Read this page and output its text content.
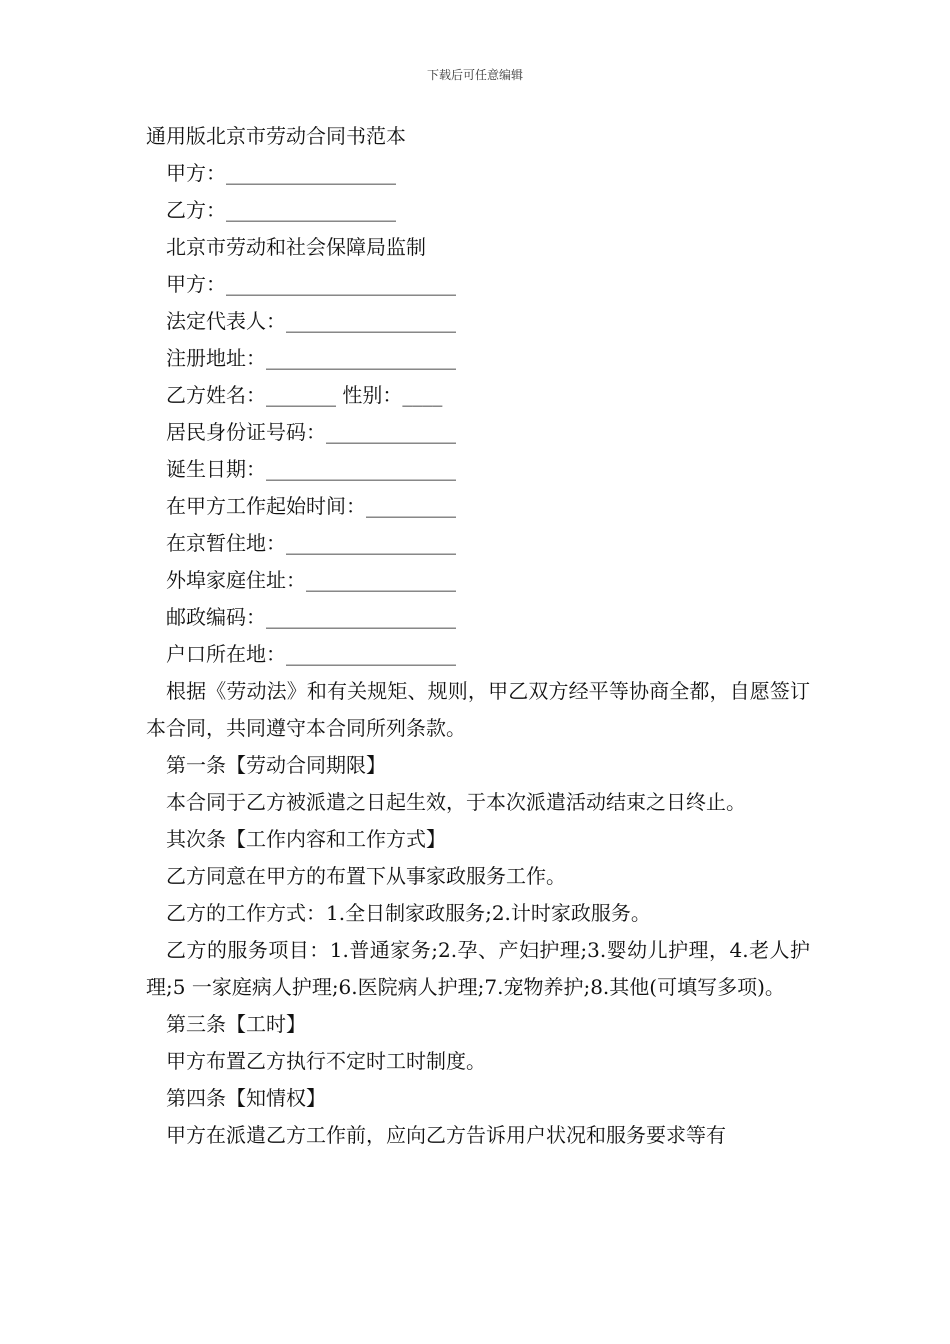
下载后可任意编辑
通用版北京市劳动合同书范本
甲方：_________________
乙方：_________________
北京市劳动和社会保障局监制
甲方：_______________________
法定代表人：_________________
注册地址：___________________
乙方姓名：_______ 性别：____
居民身份证号码：_____________
诞生日期：___________________
在甲方工作起始时间：_________
在京暂住地：_________________
外埠家庭住址：_______________
邮政编码：___________________
户口所在地：_________________
根据《劳动法》和有关规矩、规则，甲乙双方经平等协商全都，自愿签订本合同，共同遵守本合同所列条款。
第一条【劳动合同期限】
本合同于乙方被派遣之日起生效，于本次派遣活动结束之日终止。
其次条【工作内容和工作方式】
乙方同意在甲方的布置下从事家政服务工作。
乙方的工作方式：1.全日制家政服务;2.计时家政服务。
乙方的服务项目：1.普通家务;2.孕、产妇护理;3.婴幼儿护理，4.老人护理;5 一家庭病人护理;6.医院病人护理;7.宠物养护;8.其他(可填写多项)。
第三条【工时】
甲方布置乙方执行不定时工时制度。
第四条【知情权】
甲方在派遣乙方工作前，应向乙方告诉用户状况和服务要求等有
